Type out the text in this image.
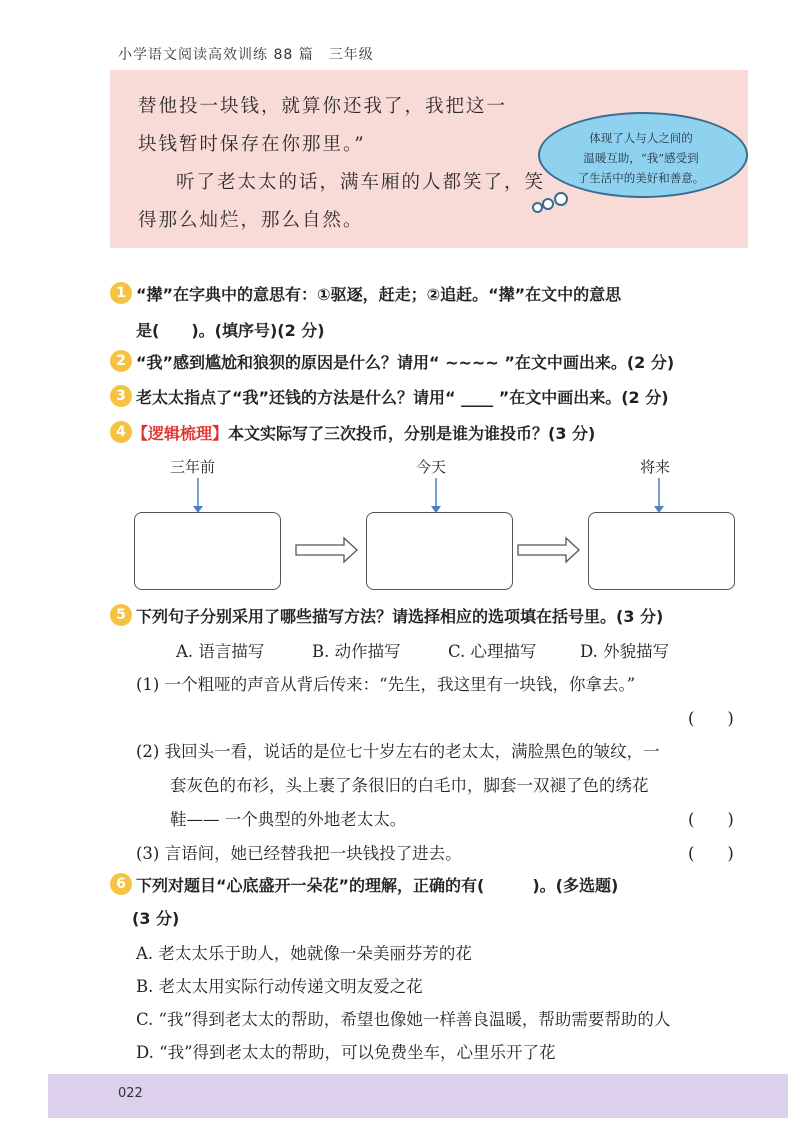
小学语文阅读高效训练 88 篇　三年级
替他投一块钱，就算你还我了，我把这一
块钱暂时保存在你那里。”
听了老太太的话，满车厢的人都笑了，笑
得那么灿烂，那么自然。
体现了人与人之间的
温暖互助，“我”感受到
了生活中的美好和善意。
1 “撵”在字典中的意思有：①驱逐，赶走；②追赶。“撵”在文中的意思
是(　　)。(填序号)(2 分)
2 “我”感到尴尬和狼狈的原因是什么？请用“ ~~~~ ”在文中画出来。(2 分)
3 老太太指点了“我”还钱的方法是什么？请用“ ____ ”在文中画出来。(2 分)
4 【逻辑梳理】本文实际写了三次投币，分别是谁为谁投币？(3 分)
三年前	今天	将来
5 下列句子分别采用了哪些描写方法？请选择相应的选项填在括号里。(3 分)
A. 语言描写	B. 动作描写	C. 心理描写	D. 外貌描写
(1) 一个粗哑的声音从背后传来：“先生，我这里有一块钱，你拿去。”
(　　)
(2) 我回头一看，说话的是位七十岁左右的老太太，满脸黑色的皱纹，一
套灰色的布衫，头上裹了条很旧的白毛巾，脚套一双褪了色的绣花
鞋—— 一个典型的外地老太太。	(　　)
(3) 言语间，她已经替我把一块钱投了进去。	(　　)
6 下列对题目“心底盛开一朵花”的理解，正确的有(　　　)。(多选题)
(3 分)
A. 老太太乐于助人，她就像一朵美丽芬芳的花
B. 老太太用实际行动传递文明友爱之花
C. “我”得到老太太的帮助，希望也像她一样善良温暖，帮助需要帮助的人
D. “我”得到老太太的帮助，可以免费坐车，心里乐开了花
022
